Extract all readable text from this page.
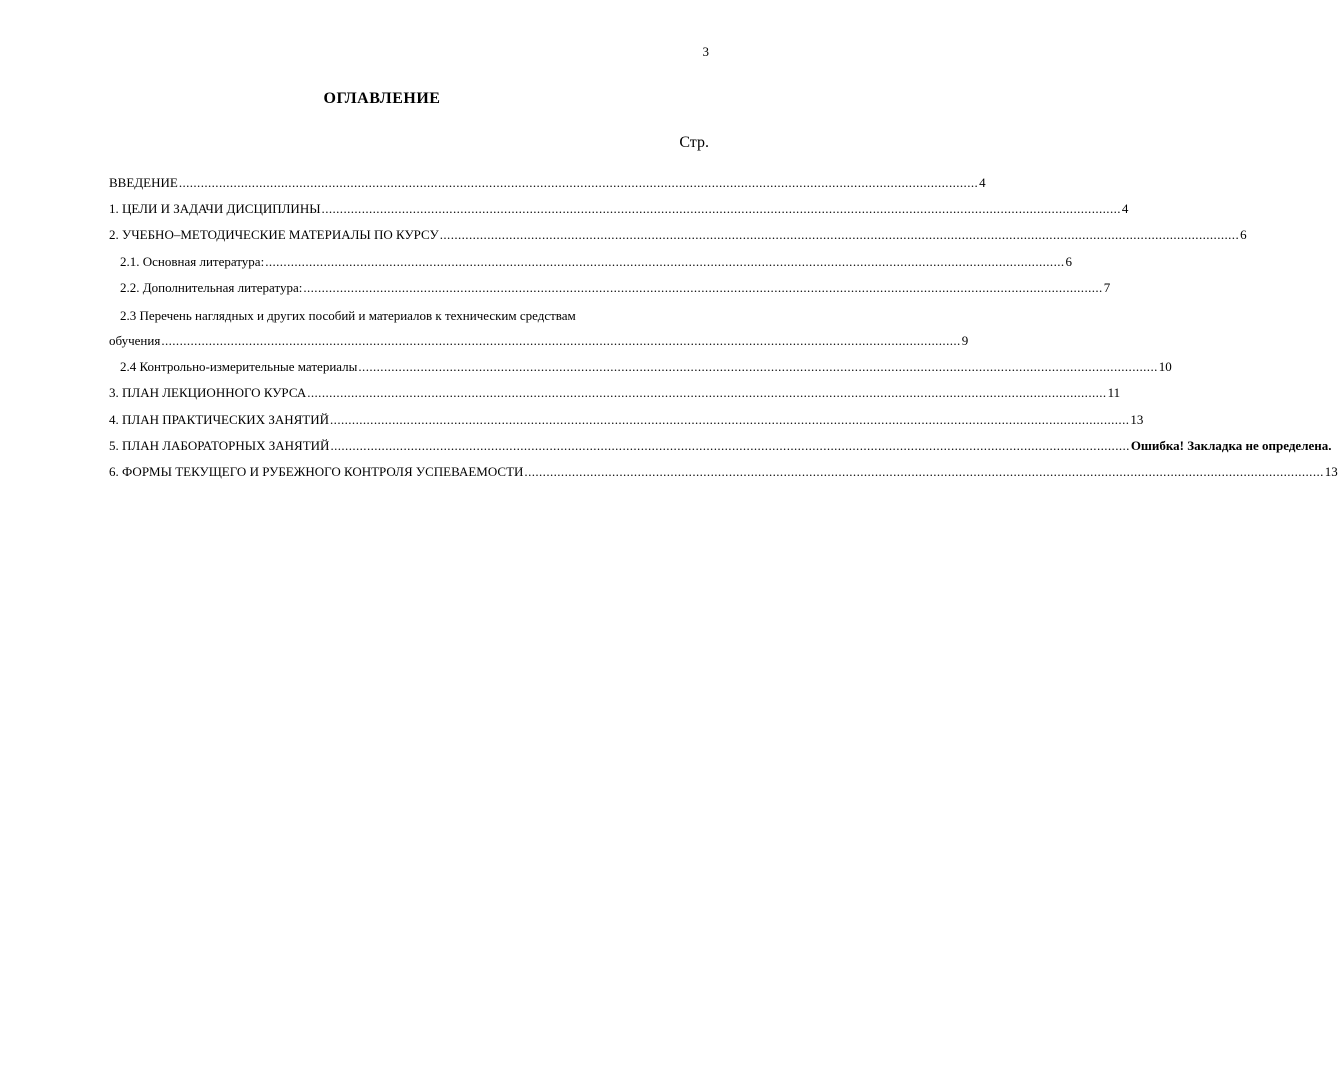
3
ОГЛАВЛЕНИЕ
Стр.
ВВЕДЕНИЕ ........................................................................................................................................................................................................................... 4
1. ЦЕЛИ И ЗАДАЧИ ДИСЦИПЛИНЫ ........................................................................................................................................................................................................................... 4
2. УЧЕБНО–МЕТОДИЧЕСКИЕ МАТЕРИАЛЫ ПО КУРСУ ........................................................................................................................................................................................................................... 6
2.1. Основная литература: ........................................................................................................................................................................................................................... 6
2.2. Дополнительная литература: ........................................................................................................................................................................................................................... 7
2.3 Перечень наглядных и других пособий и материалов к техническим средствам
обучения ........................................................................................................................................................................................................................... 9
2.4 Контрольно-измерительные материалы ........................................................................................................................................................................................................................... 10
3. ПЛАН ЛЕКЦИОННОГО КУРСА ........................................................................................................................................................................................................................... 11
4. ПЛАН ПРАКТИЧЕСКИХ ЗАНЯТИЙ ........................................................................................................................................................................................................................... 13
5. ПЛАН ЛАБОРАТОРНЫХ ЗАНЯТИЙ ........................................................................................................................................................................................................................... Ошибка! Закладка не определена.
6. ФОРМЫ ТЕКУЩЕГО И РУБЕЖНОГО КОНТРОЛЯ УСПЕВАЕМОСТИ ........................................................................................................................................................................................................................... 13
